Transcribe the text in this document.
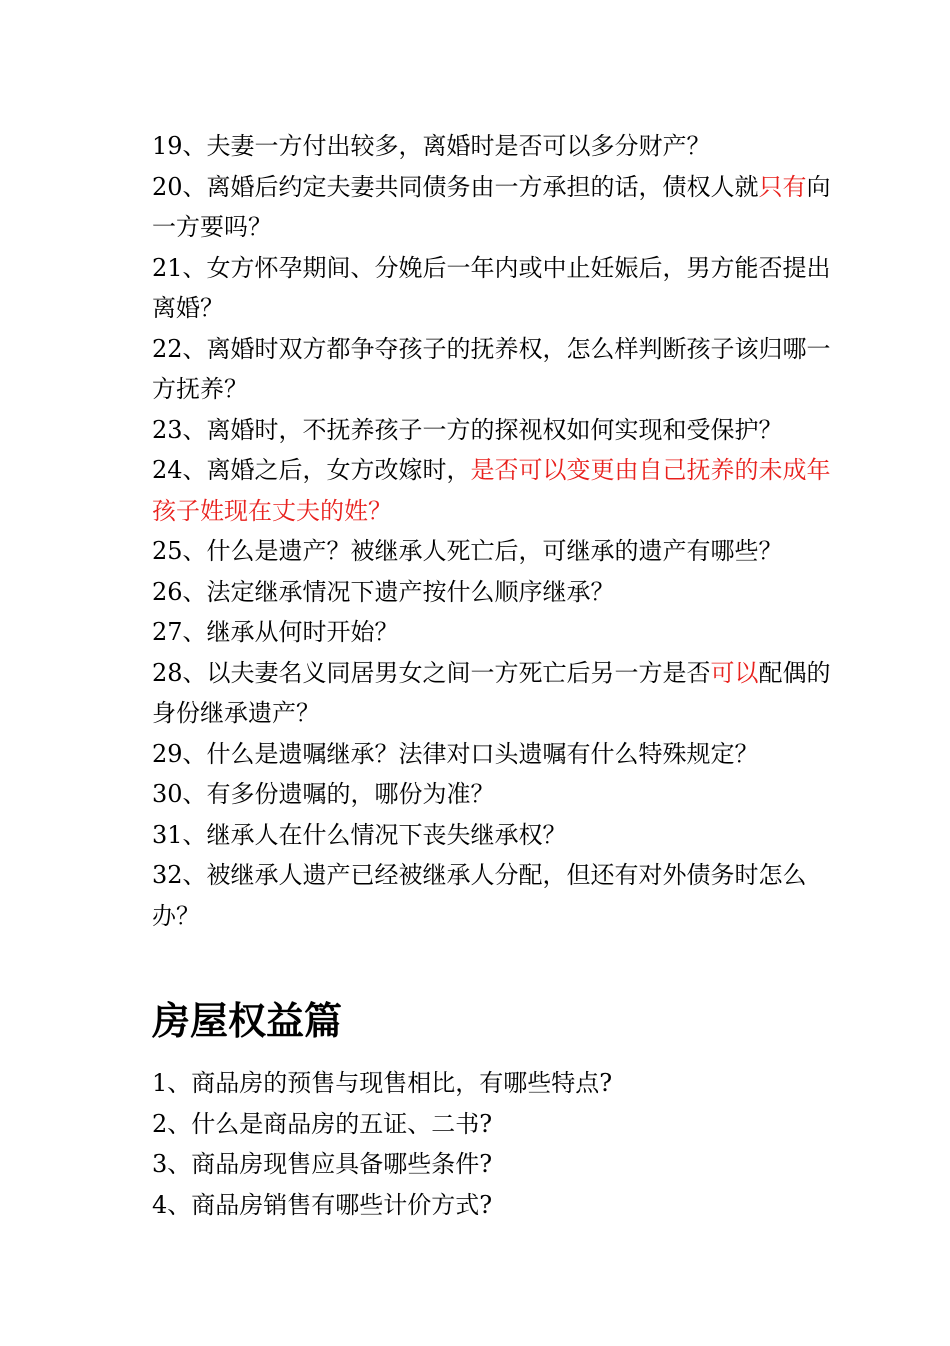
19、夫妻一方付出较多，离婚时是否可以多分财产？

20、离婚后约定夫妻共同债务由一方承担的话，债权人就只有向一方要吗？

21、女方怀孕期间、分娩后一年内或中止妊娠后，男方能否提出离婚？

22、离婚时双方都争夺孩子的抚养权，怎么样判断孩子该归哪一方抚养？

23、离婚时，不抚养孩子一方的探视权如何实现和受保护？

24、离婚之后，女方改嫁时，是否可以变更由自己抚养的未成年孩子姓现在丈夫的姓？

25、什么是遗产？被继承人死亡后，可继承的遗产有哪些？

26、法定继承情况下遗产按什么顺序继承？

27、继承从何时开始？

28、以夫妻名义同居男女之间一方死亡后另一方是否可以配偶的身份继承遗产？

29、什么是遗嘱继承？法律对口头遗嘱有什么特殊规定？

30、有多份遗嘱的，哪份为准？

31、继承人在什么情况下丧失继承权？

32、被继承人遗产已经被继承人分配，但还有对外债务时怎么办？

房屋权益篇

1、商品房的预售与现售相比，有哪些特点?

2、什么是商品房的五证、二书?

3、商品房现售应具备哪些条件?

4、商品房销售有哪些计价方式?
